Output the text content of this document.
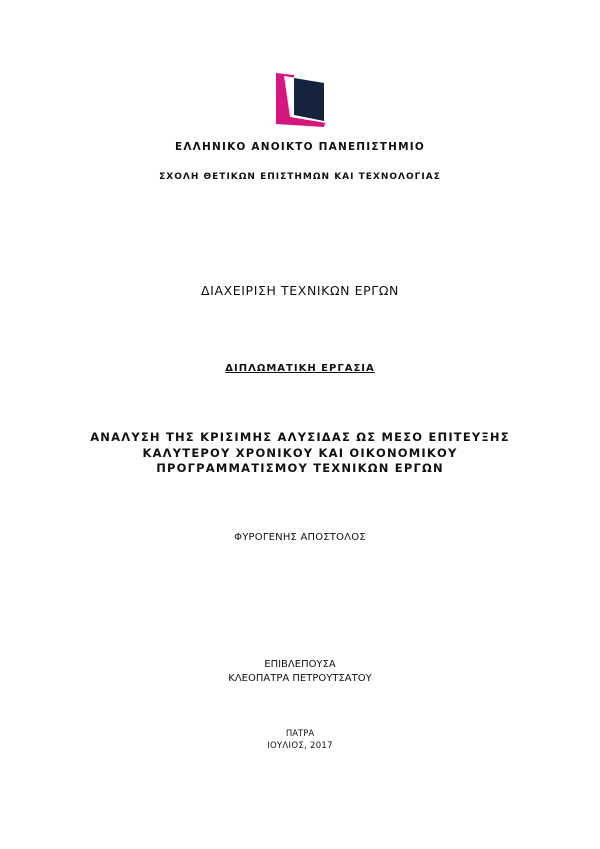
ΕΛΛΗΝΙΚΟ ΑΝΟΙΚΤΟ ΠΑΝΕΠΙΣΤΗΜΙΟ
ΣΧΟΛΗ ΘΕΤΙΚΩΝ ΕΠΙΣΤΗΜΩΝ ΚΑΙ ΤΕΧΝΟΛΟΓΙΑΣ
ΔΙΑΧΕΙΡΙΣΗ ΤΕΧΝΙΚΩΝ ΕΡΓΩΝ
ΔΙΠΛΩΜΑΤΙΚΗ ΕΡΓΑΣΙΑ
ΑΝΑΛΥΣΗ ΤΗΣ ΚΡΙΣΙΜΗΣ ΑΛΥΣΙΔΑΣ ΩΣ ΜΕΣΟ ΕΠΙΤΕΥΞΗΣ
ΚΑΛΥΤΕΡΟΥ ΧΡΟΝΙΚΟΥ ΚΑΙ ΟΙΚΟΝΟΜΙΚΟΥ
ΠΡΟΓΡΑΜΜΑΤΙΣΜΟΥ ΤΕΧΝΙΚΩΝ ΕΡΓΩΝ
ΦΥΡΟΓΕΝΗΣ ΑΠΟΣΤΟΛΟΣ
ΕΠΙΒΛΕΠΟΥΣΑ
ΚΛΕΟΠΑΤΡΑ ΠΕΤΡΟΥΤΣΑΤΟΥ
ΠΑΤΡΑ
ΙΟΥΛΙΟΣ, 2017
